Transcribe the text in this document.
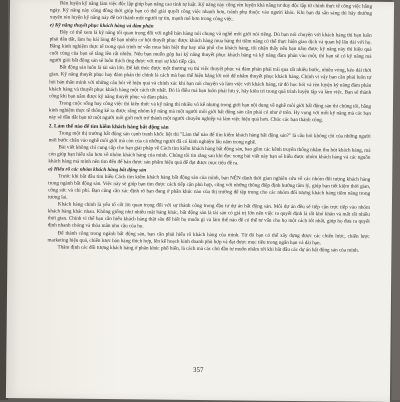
Rèn luyện kỹ năng làm việc độc lập giúp bạn nâng cao tính tự luật. Kỹ năng này cũng rèn luyện khả năng tư duy độc lập từ chính thực tế công việc hằng ngày. Kỹ năng này cũng đồng thời giúp bạn có thể giải quyết công việc nhanh hơn, tránh phụ thuộc vào người khác. Khi bạn đã sẵn sàng thì hãy thường xuyên rèn luyện kỹ năng này để trở thành một người tự tin, mạnh mẽ hơn trong công việc.

e) Kỹ năng thuyết phục khách hàng và đàm phán

Đây có thể xem là kỹ năng tối quan trọng đối với nghề bán hàng nói chung và nghề môi giới nói riêng. Dù bạn nói chuyện với khách hàng thì bạn luôn phải dẫn dắt, làm họ hài lòng để bạn nhiều cơ hội thuyết phục được khách hàng mua hàng thì tiềm năng có thể thực hiện giao dịch và quan hệ lâu dài với họ. Bằng kinh nghiệm thực tế trong quá trình tư vấn mua bán biệt thự hay nhà phố cho khách hàng, tôi nhận thấy nếu bạn nắm được kỹ năng này thì hiệu quả cuối cùng của bạn sẽ tăng lên rất nhiều. Nếu bạn muốn góp hai kỹ năng thuyết phục khách hàng và kỹ năng đàm phán vào một, thì bạn sẽ có kỹ năng mà người giỏi bất động sản sẽ luôn thích ứng được với mọi sự khó tiếp cận.

Bất động sản luôn là tài sản lớn. Để kết thúc được một thương vụ thì việc thuyết phục và đàm phán phải trải qua rất nhiều bước, nhiều vòng, kéo dài thời gian. Kỹ năng thuyết phục hay đàm phán thì chính là cách mà bạn thể hiện bằng lời nói để nhằm thuyết phục khách hàng. Chính vì vậy bạn cần phải luôn tự hỏi bản thân mình với những câu hỏi về hiệu quả và chính xác khi bạn nói chuyện và làm việc với khách hàng, từ đó học hỏi và rèn luyện kỹ năng đàm phán khách hàng và thuyết phục khách hàng một cách tốt nhất. Đó là điều mà bạn luôn phải lưu ý, hãy kiên trì trong quá trình luyện tập và làm việc. Bạn sẽ thành công khi bạn nắm được kỹ năng thuyết phục và đàm phán.

Trong cuộc sống hay công việc thì kiên thức và kỹ năng thì nhiều vô kể nhưng trong giới hạn nội dung về nghề môi giới bất động sản thì chúng tôi, bằng kinh nghiệm thực tế thông kê ra được rằng nhóm kỹ năng mà một người môi giới bất động sản cần phải có như ở trên. Hy vọng với mỗi kỹ năng mà các bạn này sẽ dần dắt bạn từ một người môi giới mới trở thành một người chuyên nghiệp và làm việc hiệu quả hơn. Chúc các bạn thành công.

2. Làm thế nào để tìm kiếm khách hàng bất động sản

Trong một thị trường bất động sản cạnh tranh khốc liệt thì "Làm thế nào để tìm kiếm khách hàng bất động sản?" là câu hỏi không chỉ của những người mới bước chân vào nghề môi giới mà còn của cả những người đã có kinh nghiệm lâu năm trong nghề.

Bài viết không chỉ cung cấp cho bạn giải pháp về Cách tìm kiếm khách hàng bất động sản, bao gồm các kênh truyền thống nhằm thu hút khách hàng, mà còn giúp bạn hiểu sâu hơn về nhóm khách hàng của mình. Chúng tôi tin rằng sau khi đọc xong bài viết này bạn sẽ hiểu được nhóm khách hàng và các nguồn khách hàng mà mình nên tìm đến để bán được sản phẩm hiệu quả để đạt được mục tiêu đề ra.

a) Hiểu rõ các nhóm khách hàng bất động sản

Trước khi bắt đầu tìm hiểu Cách tìm kiếm khách hàng bất động sản của mình, bạn NÊN dành thời gian nghiên cứu về các nhóm đối tượng khách hàng trong ngành bất động sản. Việc này sẽ giúp bạn tìm được cách tiếp cận phù hợp, cũng với những thông điệp định hướng tâm lý, giúp bạn tiết kiệm thời gian, công sức và chi phí. Bạn cũng cần xác định rõ bạn đang ở phân khúc nào của thị trường để tập trung cho các nhóm đối tượng khách hàng tiềm năng trong tương lai.

Khách hàng chính là yếu tố cốt lõi quan trọng đối với sự thành công trong đầu tư dự án bất động sản. Mỗi dự án đều sẽ tiếp cận trực tiếp vào nhóm khách hàng khác nhau. Không giống như nhiều mặt hàng khác, bất động sản là tài sản có giá trị lớn nên việc ra quyết định là rất khó khăn và mất rất nhiều thời gian. Chính vì thế bạn cần hiểu khách hàng thật sâu để biết họ muốn gì và làm thế nào để có thể tư vấn cho họ một cách tốt nhất, giúp họ đưa ra quyết định nhanh chóng và thỏa mãn nhu cầu của họ.

Để thành công trong ngành bất động sản, bạn cần phải hiểu rõ khách hàng của mình. Từ đó bạn có thể xây dựng được các chiến lược, chiến lược marketing hiệu quả, chiến lược bán hàng thích hợp, lên kế hoạch kinh doanh phù hợp và đạt được mục tiêu trong ngắn hạn và dài hạn.

Thâm định các đối tượng khách hàng ở phân khúc phổ biến, là cách mà các chủ đầu tư muốn nhắm tới khi bắt đầu các dự án bất động sản của mình.

357
